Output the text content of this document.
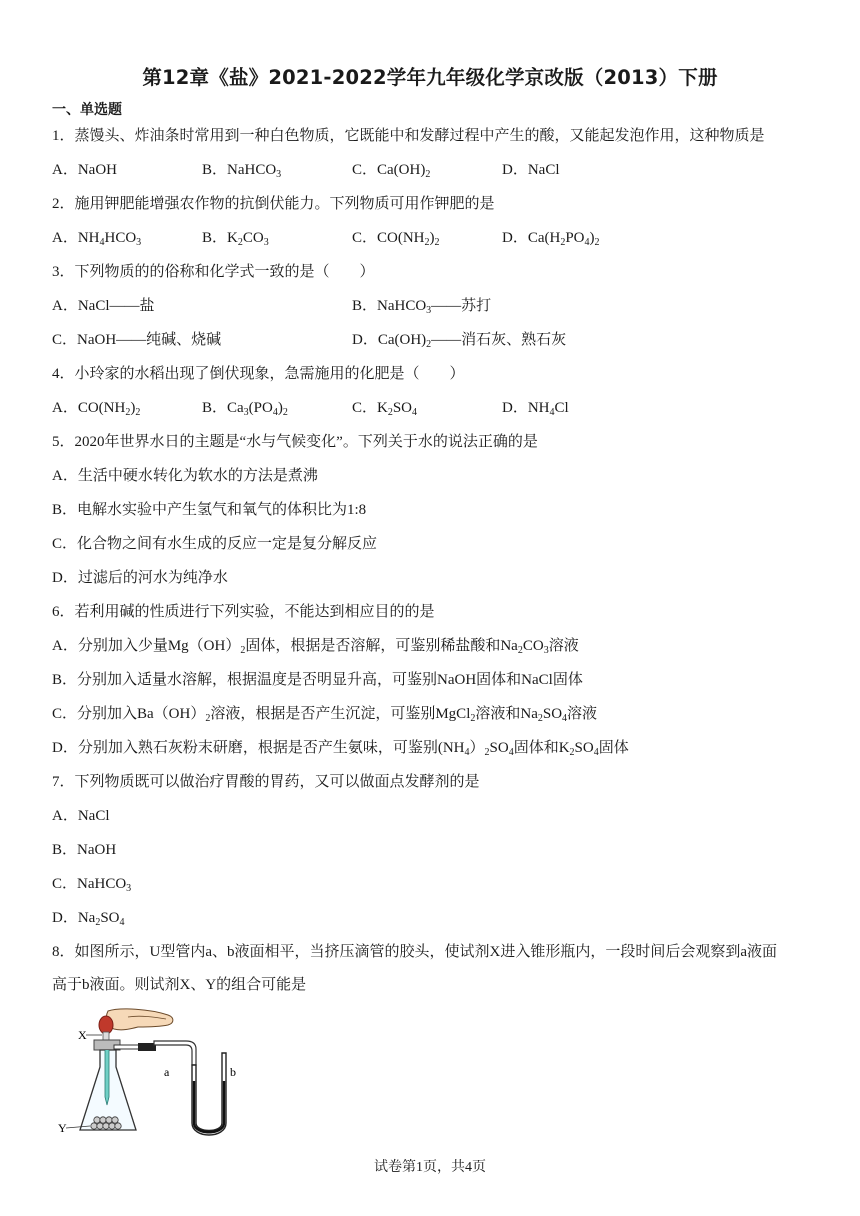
第12章《盐》2021-2022学年九年级化学京改版（2013）下册
一、单选题
1．蒸馒头、炸油条时常用到一种白色物质，它既能中和发酵过程中产生的酸，又能起发泡作用，这种物质是
A．NaOH	B．NaHCO$_3$	C．$Ca(OH)_2$	D．NaCl
2．施用钾肥能增强农作物的抗倒伏能力。下列物质可用作钾肥的是
A．$NH_4HCO_3$	B．$K_2CO_3$	C．$CO(NH_2)_2$	D．$Ca(H_2PO_4)_2$
3．下列物质的的俗称和化学式一致的是（　　）
A．NaCl——盐	B．NaHCO$_3$——苏打
C．NaOH——纯碱、烧碱	D．$Ca(OH)_2——$消石灰、熟石灰
4．小玲家的水稻出现了倒伏现象，急需施用的化肥是（　　）
A．$CO(NH_2)_2$	B．$Ca_3(PO_4)_2$	C．$K_2SO_4$	D．$NH_4Cl$
5．2020年世界水日的主题是“水与气候变化”。下列关于水的说法正确的是
A．生活中硬水转化为软水的方法是煮沸
B．电解水实验中产生氢气和氧气的体积比为1:8
C．化合物之间有水生成的反应一定是复分解反应
D．过滤后的河水为纯净水
6．若利用碱的性质进行下列实验，不能达到相应目的的是
A．分别加入少量$Mg(OH)_2$固体，根据是否溶解，可鉴别稀盐酸和$Na_2CO_3$溶液
B．分别加入适量水溶解，根据温度是否明显升高，可鉴别NaOH固体和NaCl固体
C．分别加入$Ba(OH)_2$溶液，根据是否产生沉淀，可鉴别MgCl$_2$溶液和$Na_2SO_4$溶液
D．分别加入熟石灰粉末研磨，根据是否产生氨味，可鉴别$(NH_4)_2SO_4$固体和$K_2SO_4$固体
7．下列物质既可以做治疗胃酸的胃药，又可以做面点发酵剂的是
A．NaCl
B．NaOH
C．NaHCO$_3$
D．$Na_2SO_4$
8．如图所示，U型管内a、b液面相平，当挤压滴管的胶头，使试剂X进入锥形瓶内，一段时间后会观察到a液面
高于b液面。则试剂X、Y的组合可能是
X
Y
a	b
试卷第1页，共4页
